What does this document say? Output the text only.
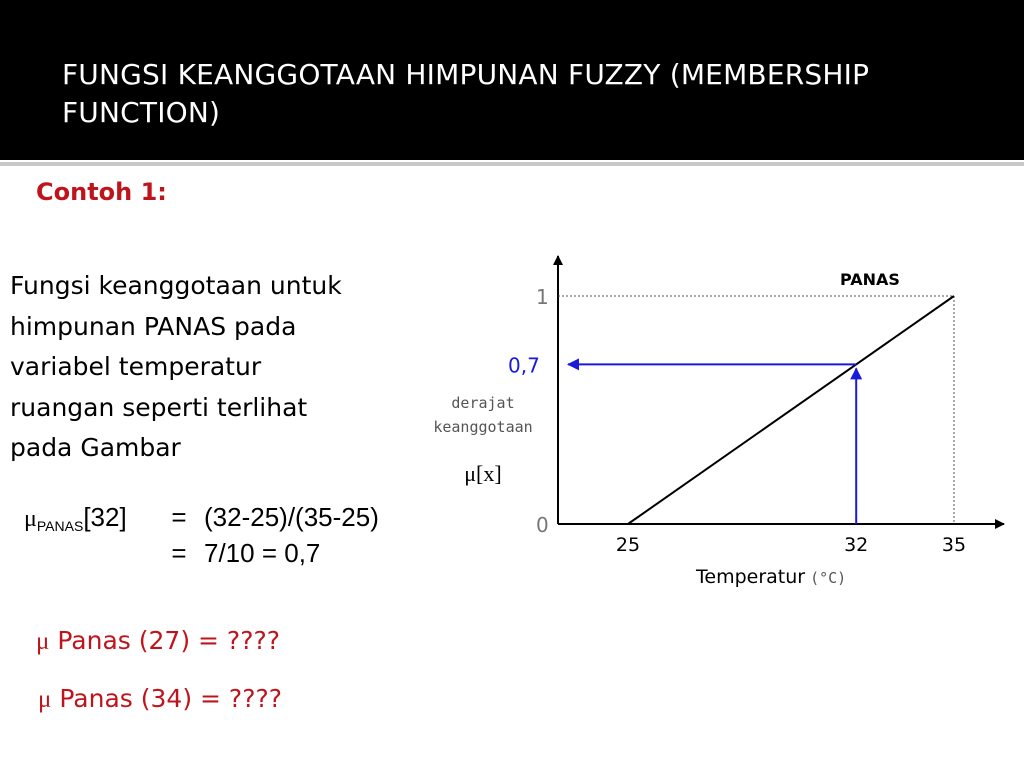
FUNGSI KEANGGOTAAN HIMPUNAN FUZZY (MEMBERSHIP FUNCTION)
Contoh 1:
Fungsi keanggotaan untuk
himpunan PANAS pada
variabel temperatur
ruangan seperti terlihat
pada Gambar
μ PANAS [32]	= (32-25)/(35-25)
= 7/10 = 0,7
μ Panas (27) = ????
μ Panas (34) = ????
0,7
25	32	35
0
1
PANAS
derajat
keanggotaan
μ[x]
Temperatur (°C)
